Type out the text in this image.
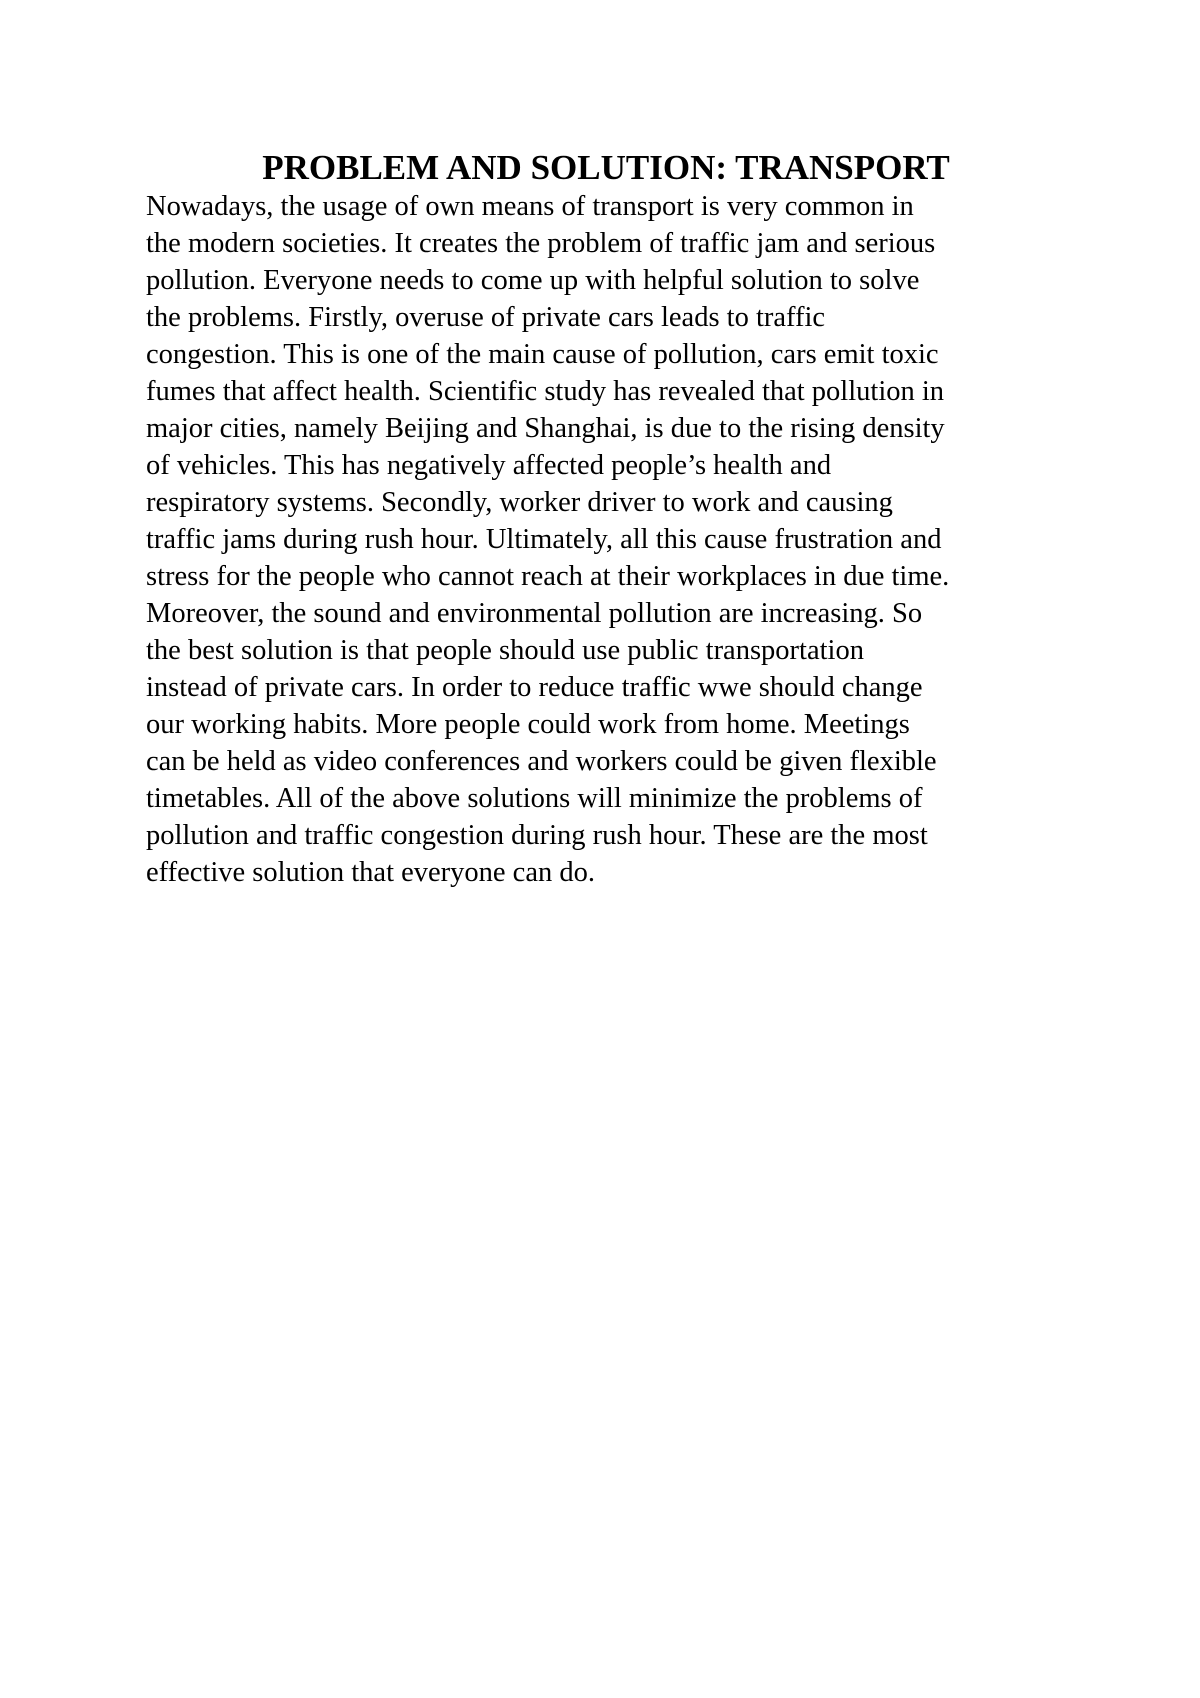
PROBLEM AND SOLUTION: TRANSPORT

Nowadays, the usage of own means of transport is very common in
the modern societies. It creates the problem of traffic jam and serious
pollution. Everyone needs to come up with helpful solution to solve
the problems. Firstly, overuse of private cars leads to traffic
congestion. This is one of the main cause of pollution, cars emit toxic
fumes that affect health. Scientific study has revealed that pollution in
major cities, namely Beijing and Shanghai, is due to the rising density
of vehicles. This has negatively affected people’s health and
respiratory systems. Secondly, worker driver to work and causing
traffic jams during rush hour. Ultimately, all this cause frustration and
stress for the people who cannot reach at their workplaces in due time.
Moreover, the sound and environmental pollution are increasing. So
the best solution is that people should use public transportation
instead of private cars. In order to reduce traffic wwe should change
our working habits. More people could work from home. Meetings
can be held as video conferences and workers could be given flexible
timetables. All of the above solutions will minimize the problems of
pollution and traffic congestion during rush hour. These are the most
effective solution that everyone can do.
